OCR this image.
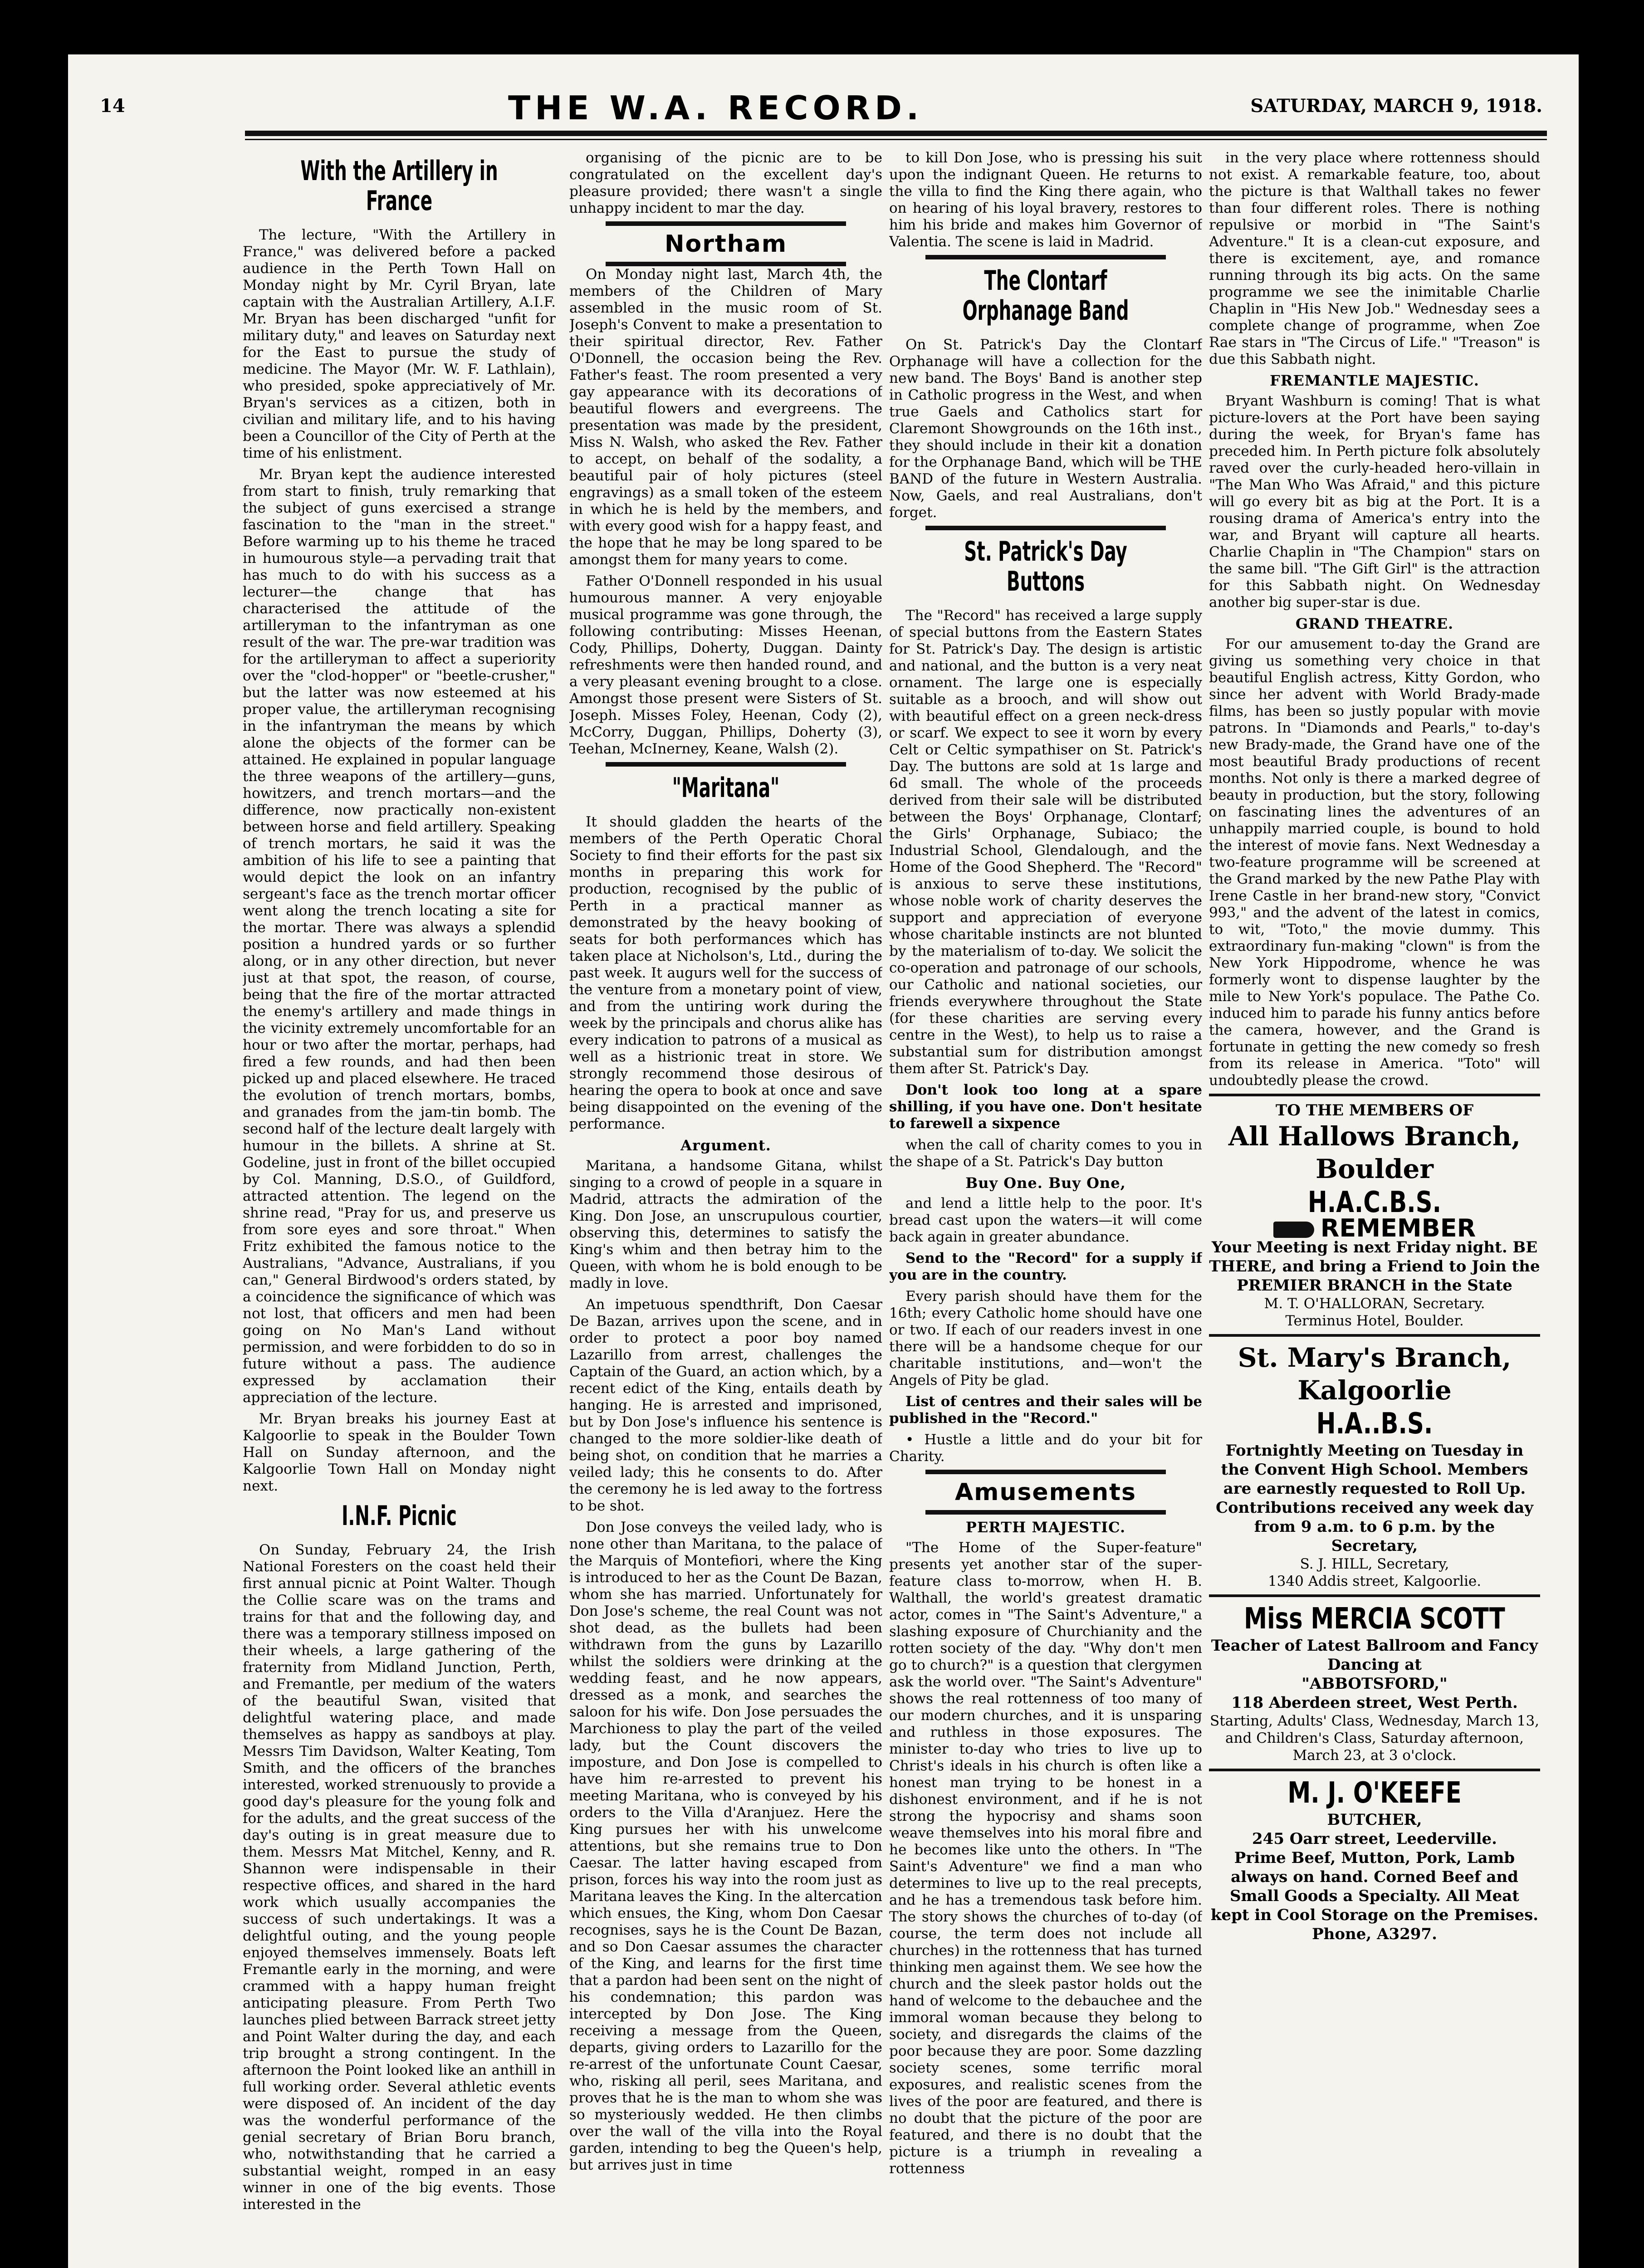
14	THE W.A. RECORD.	SATURDAY, MARCH 9, 1918.
With the Artillery in France

The lecture, "With the Artillery in France," was delivered before a packed audience in the Perth Town Hall on Monday night by Mr. Cyril Bryan, late captain with the Australian Artillery, A.I.F. Mr. Bryan has been discharged "unfit for military duty," and leaves on Saturday next for the East to pursue the study of medicine. The Mayor (Mr. W. F. Lathlain), who presided, spoke appreciatively of Mr. Bryan's services as a citizen, both in civilian and military life, and to his having been a Councillor of the City of Perth at the time of his enlistment.

Mr. Bryan kept the audience interested from start to finish, truly remarking that the subject of guns exercised a strange fascination to the "man in the street." Before warming up to his theme he traced in humourous style—a pervading trait that has much to do with his success as a lecturer—the change that has characterised the attitude of the artilleryman to the infantryman as one result of the war. The pre-war tradition was for the artilleryman to affect a superiority over the "clod-hopper" or "beetle-crusher," but the latter was now esteemed at his proper value, the artilleryman recognising in the infantryman the means by which alone the objects of the former can be attained. He explained in popular language the three weapons of the artillery—guns, howitzers, and trench mortars—and the difference, now practically non-existent between horse and field artillery. Speaking of trench mortars, he said it was the ambition of his life to see a painting that would depict the look on an infantry sergeant's face as the trench mortar officer went along the trench locating a site for the mortar. There was always a splendid position a hundred yards or so further along, or in any other direction, but never just at that spot, the reason, of course, being that the fire of the mortar attracted the enemy's artillery and made things in the vicinity extremely uncomfortable for an hour or two after the mortar, perhaps, had fired a few rounds, and had then been picked up and placed elsewhere. He traced the evolution of trench mortars, bombs, and granades from the jam-tin bomb. The second half of the lecture dealt largely with humour in the billets. A shrine at St. Godeline, just in front of the billet occupied by Col. Manning, D.S.O., of Guildford, attracted attention. The legend on the shrine read, "Pray for us, and preserve us from sore eyes and sore throat." When Fritz exhibited the famous notice to the Australians, "Advance, Australians, if you can," General Birdwood's orders stated, by a coincidence the significance of which was not lost, that officers and men had been going on No Man's Land without permission, and were forbidden to do so in future without a pass. The audience expressed by acclamation their appreciation of the lecture.

Mr. Bryan breaks his journey East at Kalgoorlie to speak in the Boulder Town Hall on Sunday afternoon, and the Kalgoorlie Town Hall on Monday night next.

I.N.F. Picnic

On Sunday, February 24, the Irish National Foresters on the coast held their first annual picnic at Point Walter. Though the Collie scare was on the trams and trains for that and the following day, and there was a temporary stillness imposed on their wheels, a large gathering of the fraternity from Midland Junction, Perth, and Fremantle, per medium of the waters of the beautiful Swan, visited that delightful watering place, and made themselves as happy as sandboys at play. Messrs Tim Davidson, Walter Keating, Tom Smith, and the officers of the branches interested, worked strenuously to provide a good day's pleasure for the young folk and for the adults, and the great success of the day's outing is in great measure due to them. Messrs Mat Mitchel, Kenny, and R. Shannon were indispensable in their respective offices, and shared in the hard work which usually accompanies the success of such undertakings. It was a delightful outing, and the young people enjoyed themselves immensely. Boats left Fremantle early in the morning, and were crammed with a happy human freight anticipating pleasure. From Perth Two launches plied between Barrack street jetty and Point Walter during the day, and each trip brought a strong contingent. In the afternoon the Point looked like an anthill in full working order. Several athletic events were disposed of. An incident of the day was the wonderful performance of the genial secretary of Brian Boru branch, who, notwithstanding that he carried a substantial weight, romped in an easy winner in one of the big events. Those interested in the

organising of the picnic are to be congratulated on the excellent day's pleasure provided; there wasn't a single unhappy incident to mar the day.

Northam

On Monday night last, March 4th, the members of the Children of Mary assembled in the music room of St. Joseph's Convent to make a presentation to their spiritual director, Rev. Father O'Donnell, the occasion being the Rev. Father's feast. The room presented a very gay appearance with its decorations of beautiful flowers and evergreens. The presentation was made by the president, Miss N. Walsh, who asked the Rev. Father to accept, on behalf of the sodality, a beautiful pair of holy pictures (steel engravings) as a small token of the esteem in which he is held by the members, and with every good wish for a happy feast, and the hope that he may be long spared to be amongst them for many years to come.

Father O'Donnell responded in his usual humourous manner. A very enjoyable musical programme was gone through, the following contributing: Misses Heenan, Cody, Phillips, Doherty, Duggan. Dainty refreshments were then handed round, and a very pleasant evening brought to a close. Amongst those present were Sisters of St. Joseph. Misses Foley, Heenan, Cody (2), McCorry, Duggan, Phillips, Doherty (3), Teehan, McInerney, Keane, Walsh (2).

"Maritana"

It should gladden the hearts of the members of the Perth Operatic Choral Society to find their efforts for the past six months in preparing this work for production, recognised by the public of Perth in a practical manner as demonstrated by the heavy booking of seats for both performances which has taken place at Nicholson's, Ltd., during the past week. It augurs well for the success of the venture from a monetary point of view, and from the untiring work during the week by the principals and chorus alike has every indication to patrons of a musical as well as a histrionic treat in store. We strongly recommend those desirous of hearing the opera to book at once and save being disappointed on the evening of the performance.

Argument.

Maritana, a handsome Gitana, whilst singing to a crowd of people in a square in Madrid, attracts the admiration of the King. Don Jose, an unscrupulous courtier, observing this, determines to satisfy the King's whim and then betray him to the Queen, with whom he is bold enough to be madly in love.

An impetuous spendthrift, Don Caesar De Bazan, arrives upon the scene, and in order to protect a poor boy named Lazarillo from arrest, challenges the Captain of the Guard, an action which, by a recent edict of the King, entails death by hanging. He is arrested and imprisoned, but by Don Jose's influence his sentence is changed to the more soldier-like death of being shot, on condition that he marries a veiled lady; this he consents to do. After the ceremony he is led away to the fortress to be shot.

Don Jose conveys the veiled lady, who is none other than Maritana, to the palace of the Marquis of Montefiori, where the King is introduced to her as the Count De Bazan, whom she has married. Unfortunately for Don Jose's scheme, the real Count was not shot dead, as the bullets had been withdrawn from the guns by Lazarillo whilst the soldiers were drinking at the wedding feast, and he now appears, dressed as a monk, and searches the saloon for his wife. Don Jose persuades the Marchioness to play the part of the veiled lady, but the Count discovers the imposture, and Don Jose is compelled to have him re-arrested to prevent his meeting Maritana, who is conveyed by his orders to the Villa d'Aranjuez. Here the King pursues her with his unwelcome attentions, but she remains true to Don Caesar. The latter having escaped from prison, forces his way into the room just as Maritana leaves the King. In the altercation which ensues, the King, whom Don Caesar recognises, says he is the Count De Bazan, and so Don Caesar assumes the character of the King, and learns for the first time that a pardon had been sent on the night of his condemnation; this pardon was intercepted by Don Jose. The King receiving a message from the Queen, departs, giving orders to Lazarillo for the re-arrest of the unfortunate Count Caesar, who, risking all peril, sees Maritana, and proves that he is the man to whom she was so mysteriously wedded. He then climbs over the wall of the villa into the Royal garden, intending to beg the Queen's help, but arrives just in time

to kill Don Jose, who is pressing his suit upon the indignant Queen. He returns to the villa to find the King there again, who on hearing of his loyal bravery, restores to him his bride and makes him Governor of Valentia. The scene is laid in Madrid.

The Clontarf Orphanage Band

On St. Patrick's Day the Clontarf Orphanage will have a collection for the new band. The Boys' Band is another step in Catholic progress in the West, and when true Gaels and Catholics start for Claremont Showgrounds on the 16th inst., they should include in their kit a donation for the Orphanage Band, which will be THE BAND of the future in Western Australia. Now, Gaels, and real Australians, don't forget.

St. Patrick's Day Buttons

The "Record" has received a large supply of special buttons from the Eastern States for St. Patrick's Day. The design is artistic and national, and the button is a very neat ornament. The large one is especially suitable as a brooch, and will show out with beautiful effect on a green neck-dress or scarf. We expect to see it worn by every Celt or Celtic sympathiser on St. Patrick's Day. The buttons are sold at 1s large and 6d small. The whole of the proceeds derived from their sale will be distributed between the Boys' Orphanage, Clontarf; the Girls' Orphanage, Subiaco; the Industrial School, Glendalough, and the Home of the Good Shepherd. The "Record" is anxious to serve these institutions, whose noble work of charity deserves the support and appreciation of everyone whose charitable instincts are not blunted by the materialism of to-day. We solicit the co-operation and patronage of our schools, our Catholic and national societies, our friends everywhere throughout the State (for these charities are serving every centre in the West), to help us to raise a substantial sum for distribution amongst them after St. Patrick's Day.

Don't look too long at a spare shilling, if you have one. Don't hesitate to farewell a sixpence

when the call of charity comes to you in the shape of a St. Patrick's Day button

Buy One. Buy One,

and lend a little help to the poor. It's bread cast upon the waters—it will come back again in greater abundance.

Send to the "Record" for a supply if you are in the country.

Every parish should have them for the 16th; every Catholic home should have one or two. If each of our readers invest in one there will be a handsome cheque for our charitable institutions, and—won't the Angels of Pity be glad.

List of centres and their sales will be published in the "Record."

• Hustle a little and do your bit for Charity.

Amusements
PERTH MAJESTIC.

"The Home of the Super-feature" presents yet another star of the super-feature class to-morrow, when H. B. Walthall, the world's greatest dramatic actor, comes in "The Saint's Adventure," a slashing exposure of Churchianity and the rotten society of the day. "Why don't men go to church?" is a question that clergymen ask the world over. "The Saint's Adventure" shows the real rottenness of too many of our modern churches, and it is unsparing and ruthless in those exposures. The minister to-day who tries to live up to Christ's ideals in his church is often like a honest man trying to be honest in a dishonest environment, and if he is not strong the hypocrisy and shams soon weave themselves into his moral fibre and he becomes like unto the others. In "The Saint's Adventure" we find a man who determines to live up to the real precepts, and he has a tremendous task before him. The story shows the churches of to-day (of course, the term does not include all churches) in the rottenness that has turned thinking men against them. We see how the church and the sleek pastor holds out the hand of welcome to the debauchee and the immoral woman because they belong to society, and disregards the claims of the poor because they are poor. Some dazzling society scenes, some terrific moral exposures, and realistic scenes from the lives of the poor are featured, and there is no doubt that the picture of the poor are featured, and there is no doubt that the picture is a triumph in revealing a rottenness

in the very place where rottenness should not exist. A remarkable feature, too, about the picture is that Walthall takes no fewer than four different roles. There is nothing repulsive or morbid in "The Saint's Adventure." It is a clean-cut exposure, and there is excitement, aye, and romance running through its big acts. On the same programme we see the inimitable Charlie Chaplin in "His New Job." Wednesday sees a complete change of programme, when Zoe Rae stars in "The Circus of Life." "Treason" is due this Sabbath night.

FREMANTLE MAJESTIC.

Bryant Washburn is coming! That is what picture-lovers at the Port have been saying during the week, for Bryan's fame has preceded him. In Perth picture folk absolutely raved over the curly-headed hero-villain in "The Man Who Was Afraid," and this picture will go every bit as big at the Port. It is a rousing drama of America's entry into the war, and Bryant will capture all hearts. Charlie Chaplin in "The Champion" stars on the same bill. "The Gift Girl" is the attraction for this Sabbath night. On Wednesday another big super-star is due.

GRAND THEATRE.

For our amusement to-day the Grand are giving us something very choice in that beautiful English actress, Kitty Gordon, who since her advent with World Brady-made films, has been so justly popular with movie patrons. In "Diamonds and Pearls," to-day's new Brady-made, the Grand have one of the most beautiful Brady productions of recent months. Not only is there a marked degree of beauty in production, but the story, following on fascinating lines the adventures of an unhappily married couple, is bound to hold the interest of movie fans. Next Wednesday a two-feature programme will be screened at the Grand marked by the new Pathe Play with Irene Castle in her brand-new story, "Convict 993," and the advent of the latest in comics, to wit, "Toto," the movie dummy. This extraordinary fun-making "clown" is from the New York Hippodrome, whence he was formerly wont to dispense laughter by the mile to New York's populace. The Pathe Co. induced him to parade his funny antics before the camera, however, and the Grand is fortunate in getting the new comedy so fresh from its release in America. "Toto" will undoubtedly please the crowd.

TO THE MEMBERS OF
All Hallows Branch, Boulder
H.A.C.B.S.
REMEMBER
Your Meeting is next Friday night. BE THERE, and bring a Friend to Join the PREMIER BRANCH in the State
M. T. O'HALLORAN, Secretary.
Terminus Hotel, Boulder.
St. Mary's Branch, Kalgoorlie
H.A..B.S.
Fortnightly Meeting on Tuesday in the Convent High School. Members are earnestly requested to Roll Up.
Contributions received any week day from 9 a.m. to 6 p.m. by the Secretary,
S. J. HILL, Secretary,
1340 Addis street, Kalgoorlie.
Miss MERCIA SCOTT
Teacher of Latest Ballroom and Fancy Dancing at
"ABBOTSFORD,"
118 Aberdeen street, West Perth.
Starting, Adults' Class, Wednesday, March 13, and Children's Class, Saturday afternoon, March 23, at 3 o'clock.
M. J. O'KEEFE
BUTCHER,
245 Oarr street, Leederville.
Prime Beef, Mutton, Pork, Lamb always on hand. Corned Beef and Small Goods a Specialty. All Meat kept in Cool Storage on the Premises.
Phone, A3297.
